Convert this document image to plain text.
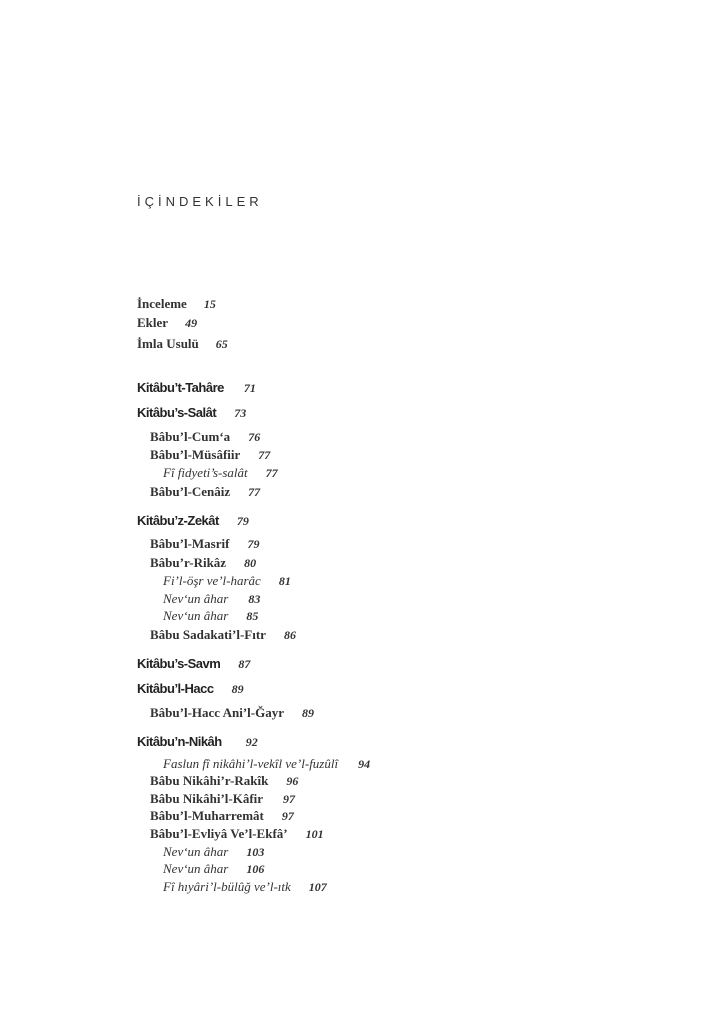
İÇİNDEKİLER
İnceleme 15
Ekler 49
İmla Usulü 65
Kitâbu’t-Tahâre 71
Kitâbu’s-Salât 73
Bâbu’l-Cum‘a 76
Bâbu’l-Müsâfiir 77
Fî fidyeti’s-salât 77
Bâbu’l-Cenâiz 77
Kitâbu’z-Zekât 79
Bâbu’l-Masrif 79
Bâbu’r-Rikâz 80
Fi’l-öşr ve’l-harâc 81
Nev‘un âhar 83
Nev‘un âhar 85
Bâbu Sadakati’l-Fıtr 86
Kitâbu’s-Savm 87
Kitâbu’l-Hacc 89
Bâbu’l-Hacc Ani’l-Ğayr 89
Kitâbu’n-Nikâh 92
Faslun fî nikâhi’l-vekîl ve’l-fuzûlî 94
Bâbu Nikâhi’r-Rakîk 96
Bâbu Nikâhi’l-Kâfir 97
Bâbu’l-Muharremât 97
Bâbu’l-Evliyâ Ve’l-Ekfâ’ 101
Nev‘un âhar 103
Nev‘un âhar 106
Fî hıyâri’l-bülûğ ve’l-ıtk 107
